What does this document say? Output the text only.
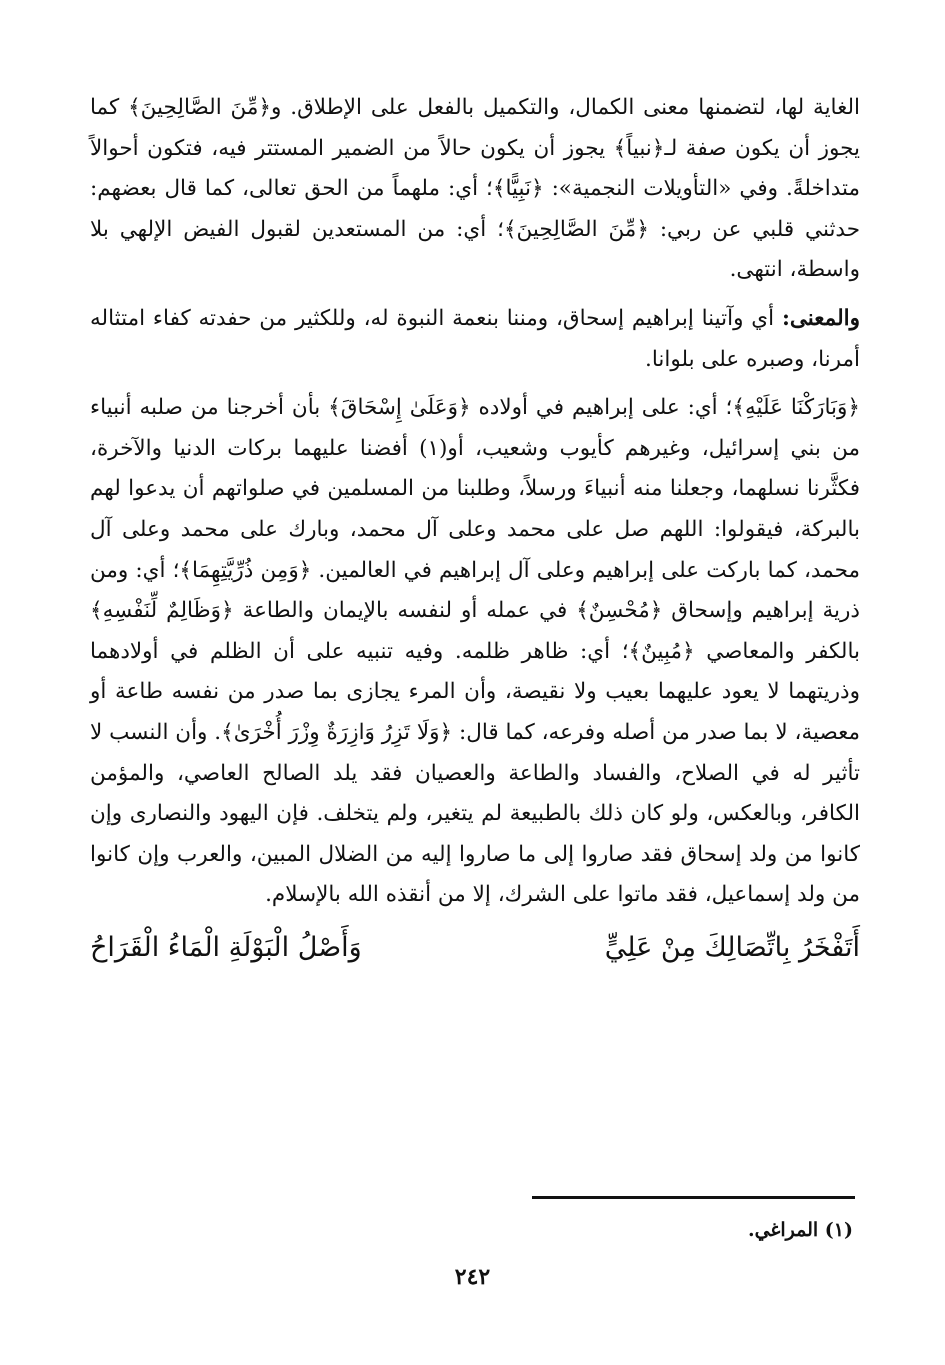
الغاية لها، لتضمنها معنى الكمال، والتكميل بالفعل على الإطلاق. و﴿مِّنَ الصَّالِحِينَ﴾ كما يجوز أن يكون صفة لـ﴿نبياً﴾ يجوز أن يكون حالاً من الضمير المستتر فيه، فتكون أحوالاً متداخلةً. وفي «التأويلات النجمية»: ﴿نَبِيًّا﴾؛ أي: ملهماً من الحق تعالى، كما قال بعضهم: حدثني قلبي عن ربي: ﴿مِّنَ الصَّالِحِينَ﴾؛ أي: من المستعدين لقبول الفيض الإلهي بلا واسطة، انتهى.

والمعنى: أي وآتينا إبراهيم إسحاق، ومننا بنعمة النبوة له، وللكثير من حفدته كفاء امتثاله أمرنا، وصبره على بلوانا.

﴿وَبَارَكْنَا عَلَيْهِ﴾؛ أي: على إبراهيم في أولاده ﴿وَعَلَىٰ إِسْحَاقَ﴾ بأن أخرجنا من صلبه أنبياء من بني إسرائيل، وغيرهم كأيوب وشعيب، أو(١) أفضنا عليهما بركات الدنيا والآخرة، فكثَّرنا نسلهما، وجعلنا منه أنبياءَ ورسلاً، وطلبنا من المسلمين في صلواتهم أن يدعوا لهم بالبركة، فيقولوا: اللهم صل على محمد وعلى آل محمد، وبارك على محمد وعلى آل محمد، كما باركت على إبراهيم وعلى آل إبراهيم في العالمين. ﴿وَمِن ذُرِّيَّتِهِمَا﴾؛ أي: ومن ذرية إبراهيم وإسحاق ﴿مُحْسِنٌ﴾ في عمله أو لنفسه بالإيمان والطاعة ﴿وَظَالِمٌ لِّنَفْسِهِ﴾ بالكفر والمعاصي ﴿مُبِينٌ﴾؛ أي: ظاهر ظلمه. وفيه تنبيه على أن الظلم في أولادهما وذريتهما لا يعود عليهما بعيب ولا نقيصة، وأن المرء يجازى بما صدر من نفسه طاعة أو معصية، لا بما صدر من أصله وفرعه، كما قال: ﴿وَلَا تَزِرُ وَازِرَةٌ وِزْرَ أُخْرَىٰ﴾. وأن النسب لا تأثير له في الصلاح، والفساد والطاعة والعصيان فقد يلد الصالح العاصي، والمؤمن الكافر، وبالعكس، ولو كان ذلك بالطبيعة لم يتغير، ولم يتخلف. فإن اليهود والنصارى وإن كانوا من ولد إسحاق فقد صاروا إلى ما صاروا إليه من الضلال المبين، والعرب وإن كانوا من ولد إسماعيل، فقد ماتوا على الشرك، إلا من أنقذه الله بالإسلام.

أَتَفْخَرُ بِاتِّصَالِكَ مِنْ عَلِيٍّ
وَأَصْلُ الْبَوْلَةِ الْمَاءُ الْقَرَاحُ
(١) المراغي.
٢٤٢
